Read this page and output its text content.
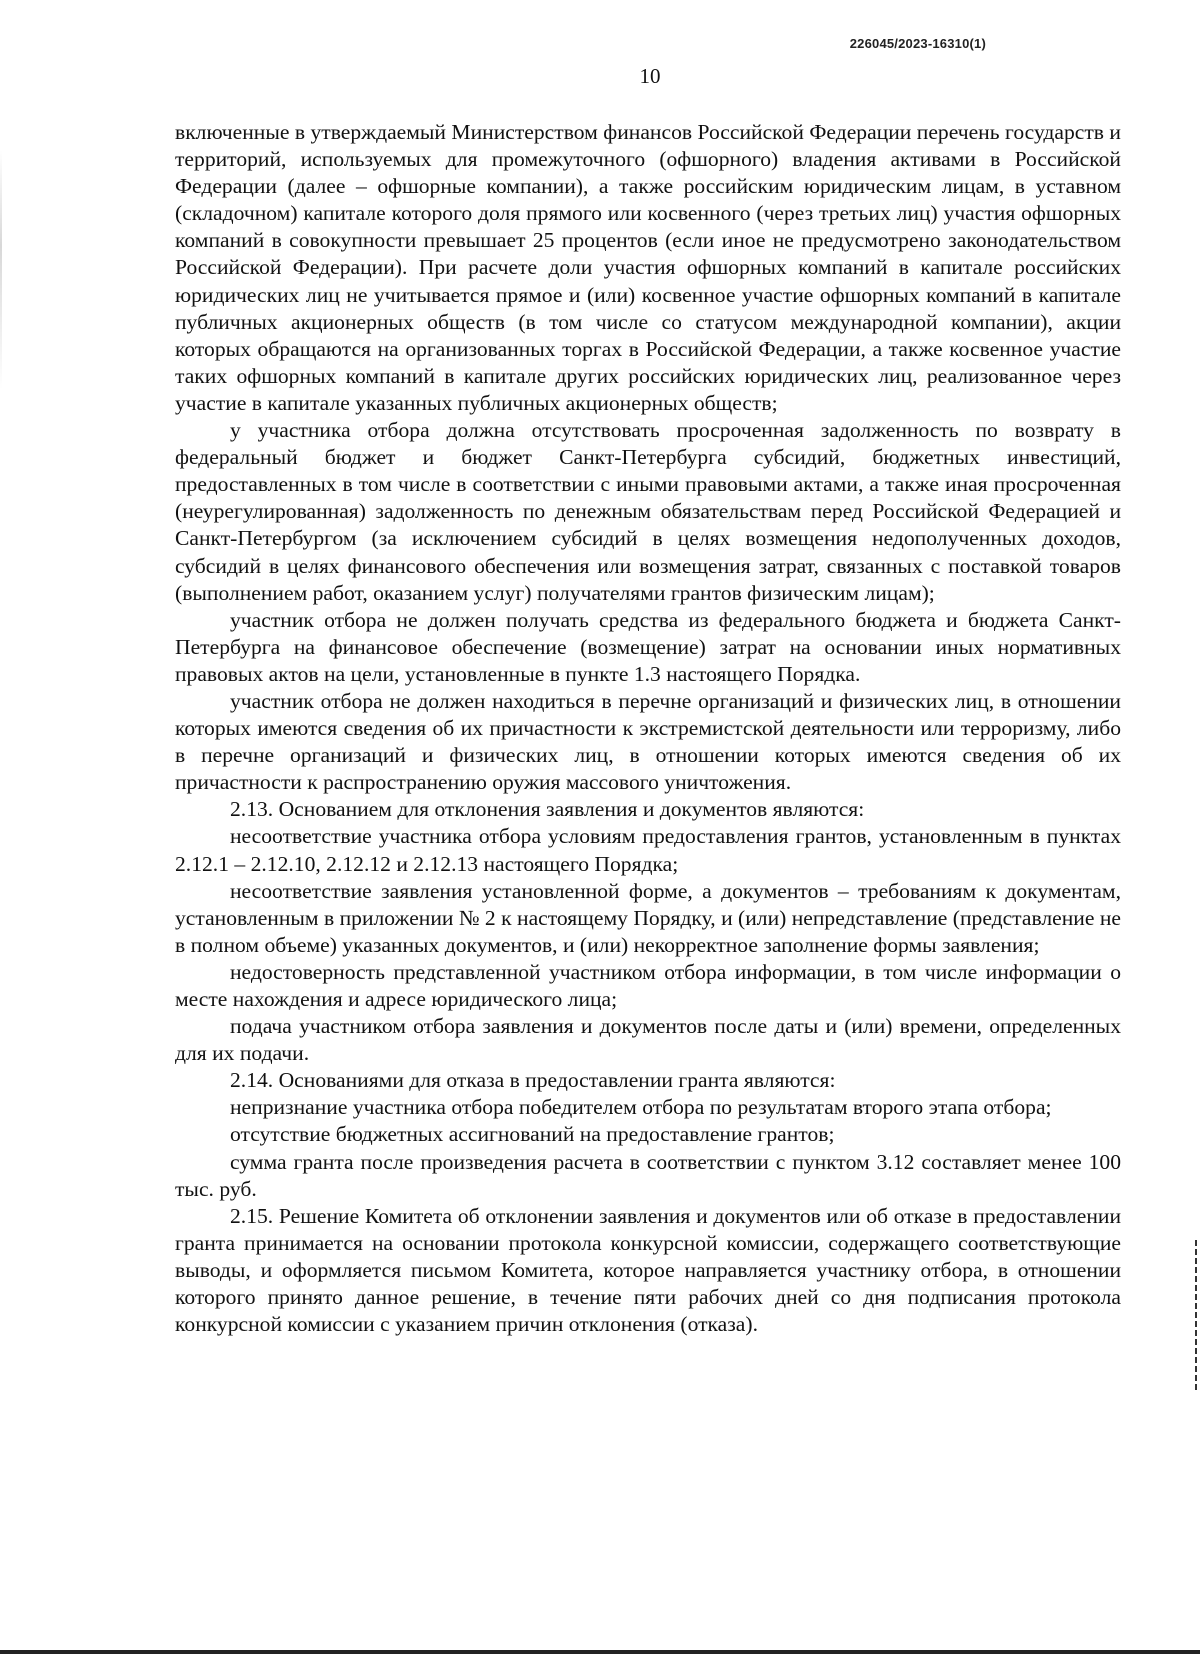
226045/2023-16310(1)
10

включенные в утверждаемый Министерством финансов Российской Федерации перечень государств и территорий, используемых для промежуточного (офшорного) владения активами в Российской Федерации (далее – офшорные компании), а также российским юридическим лицам, в уставном (складочном) капитале которого доля прямого или косвенного (через третьих лиц) участия офшорных компаний в совокупности превышает 25 процентов (если иное не предусмотрено законодательством Российской Федерации). При расчете доли участия офшорных компаний в капитале российских юридических лиц не учитывается прямое и (или) косвенное участие офшорных компаний в капитале публичных акционерных обществ (в том числе со статусом международной компании), акции которых обращаются на организованных торгах в Российской Федерации, а также косвенное участие таких офшорных компаний в капитале других российских юридических лиц, реализованное через участие в капитале указанных публичных акционерных обществ;

у участника отбора должна отсутствовать просроченная задолженность по возврату в федеральный бюджет и бюджет Санкт-Петербурга субсидий, бюджетных инвестиций, предоставленных в том числе в соответствии с иными правовыми актами, а также иная просроченная (неурегулированная) задолженность по денежным обязательствам перед Российской Федерацией и Санкт-Петербургом (за исключением субсидий в целях возмещения недополученных доходов, субсидий в целях финансового обеспечения или возмещения затрат, связанных с поставкой товаров (выполнением работ, оказанием услуг) получателями грантов физическим лицам);

участник отбора не должен получать средства из федерального бюджета и бюджета Санкт-Петербурга на финансовое обеспечение (возмещение) затрат на основании иных нормативных правовых актов на цели, установленные в пункте 1.3 настоящего Порядка.

участник отбора не должен находиться в перечне организаций и физических лиц, в отношении которых имеются сведения об их причастности к экстремистской деятельности или терроризму, либо в перечне организаций и физических лиц, в отношении которых имеются сведения об их причастности к распространению оружия массового уничтожения.

2.13. Основанием для отклонения заявления и документов являются:

несоответствие участника отбора условиям предоставления грантов, установленным в пунктах 2.12.1 – 2.12.10, 2.12.12 и 2.12.13 настоящего Порядка;

несоответствие заявления установленной форме, а документов – требованиям к документам, установленным в приложении № 2 к настоящему Порядку, и (или) непредставление (представление не в полном объеме) указанных документов, и (или) некорректное заполнение формы заявления;

недостоверность представленной участником отбора информации, в том числе информации о месте нахождения и адресе юридического лица;

подача участником отбора заявления и документов после даты и (или) времени, определенных для их подачи.

2.14. Основаниями для отказа в предоставлении гранта являются:

непризнание участника отбора победителем отбора по результатам второго этапа отбора;

отсутствие бюджетных ассигнований на предоставление грантов;

сумма гранта после произведения расчета в соответствии с пунктом 3.12 составляет менее 100 тыс. руб.

2.15. Решение Комитета об отклонении заявления и документов или об отказе в предоставлении гранта принимается на основании протокола конкурсной комиссии, содержащего соответствующие выводы, и оформляется письмом Комитета, которое направляется участнику отбора, в отношении которого принято данное решение, в течение пяти рабочих дней со дня подписания протокола конкурсной комиссии с указанием причин отклонения (отказа).
